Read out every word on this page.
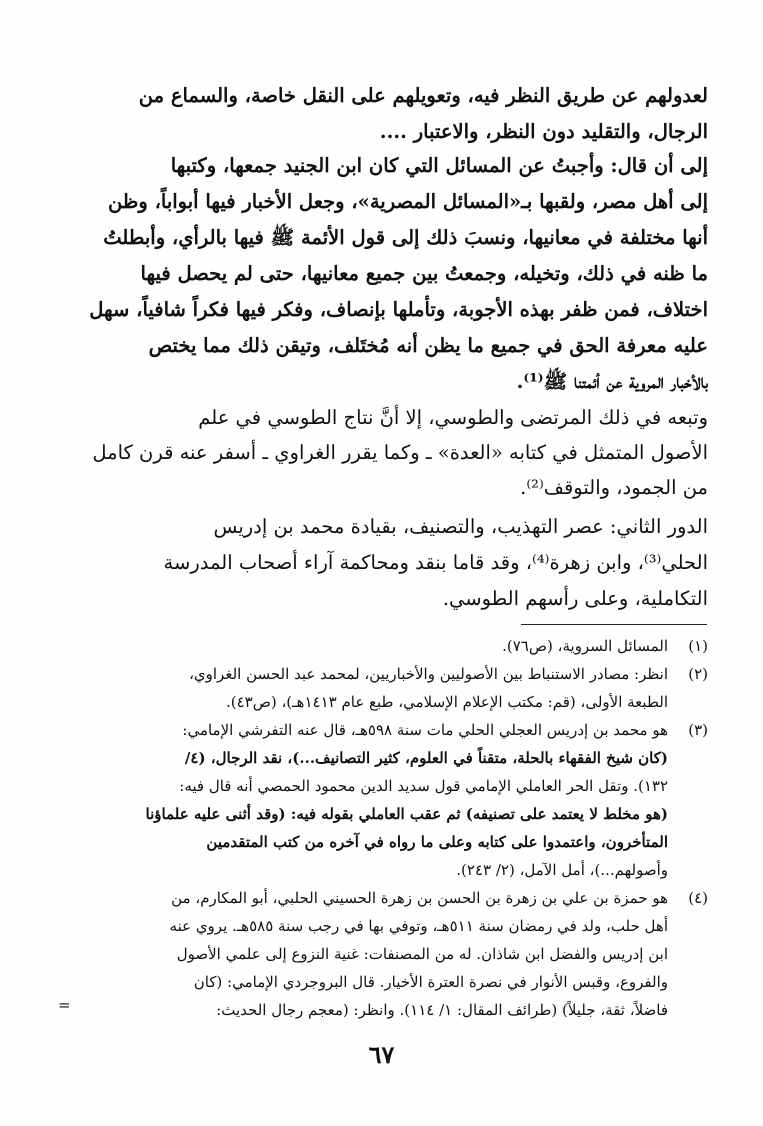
لعدولهم عن طريق النظر فيه، وتعويلهم على النقل خاصة، والسماع من
الرجال، والتقليد دون النظر، والاعتبار ....
إلى أن قال: وأجبتُ عن المسائل التي كان ابن الجنيد جمعها، وكتبها
إلى أهل مصر، ولقبها بـ«المسائل المصرية»، وجعل الأخبار فيها أبواباً، وظن
أنها مختلفة في معانيها، ونسبَ ذلك إلى قول الأئمة ﷺ فيها بالرأي، وأبطلتُ
ما ظنه في ذلك، وتخيله، وجمعتُ بين جميع معانيها، حتى لم يحصل فيها
اختلاف، فمن ظفر بهذه الأجوبة، وتأملها بإنصاف، وفكر فيها فكراً شافياً، سهل
عليه معرفة الحق في جميع ما يظن أنه مُختَلف، وتيقن ذلك مما يختص
بالأخبار المروية عن أئمتنا ﷺ⁽¹⁾.
وتبعه في ذلك المرتضى والطوسي، إلا أنَّ نتاج الطوسي في علم
الأصول المتمثل في كتابه «العدة» ـ وكما يقرر الغراوي ـ أسفر عنه قرن كامل
من الجمود، والتوقف⁽²⁾.
الدور الثاني: عصر التهذيب، والتصنيف، بقيادة محمد بن إدريس
الحلي⁽³⁾، وابن زهرة⁽⁴⁾، وقد قاما بنقد ومحاكمة آراء أصحاب المدرسة
التكاملية، وعلى رأسهم الطوسي.
(١)
المسائل السروية، (ص٧٦).
(٢)
انظر: مصادر الاستنباط بين الأصوليين والأخباريين، لمحمد عبد الحسن الغراوي،
الطبعة الأولى، (قم: مكتب الإعلام الإسلامي، طبع عام ١٤١٣هـ)، (ص٤٣).
(٣)
هو محمد بن إدريس العجلي الحلي مات سنة ٥٩٨هـ، قال عنه التفرشي الإمامي:
(كان شيخ الفقهاء بالحلة، متقناً في العلوم، كثير التصانيف...)، نقد الرجال، (٤/
١٣٢). وتقل الحر العاملي الإمامي قول سديد الدين محمود الحمصي أنه قال فيه:
(هو مخلط لا يعتمد على تصنيفه) ثم عقب العاملي بقوله فيه: (وقد أثنى عليه علماؤنا
المتأخرون، واعتمدوا على كتابه وعلى ما رواه في آخره من كتب المتقدمين
وأصولهم...)، أمل الآمل، (٢/ ٢٤٣).
(٤)
هو حمزة بن علي بن زهرة بن الحسن بن زهرة الحسيني الحلبي، أبو المكارم، من
أهل حلب، ولد في رمضان سنة ٥١١هـ، وتوفي بها في رجب سنة ٥٨٥هـ. يروي عنه
ابن إدريس والفضل ابن شاذان. له من المصنفات: غنية النزوع إلى علمي الأصول
والفروع، وقبس الأنوار في نصرة العترة الأخيار. قال البروجردي الإمامي: (كان
فاضلاً، ثقة، جليلاً) (طرائف المقال: ١/ ١١٤). وانظر: (معجم رجال الحديث:
=
٦٧
